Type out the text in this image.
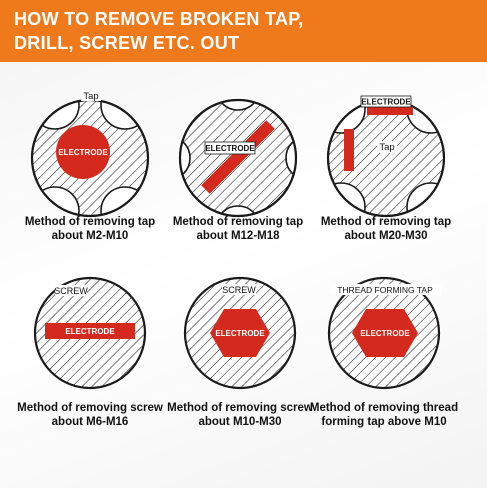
HOW TO REMOVE BROKEN TAP,
DRILL, SCREW ETC. OUT
Tap
ELECTRODE
Method of removing tap
about M2-M10
ELECTRODE
Method of removing tap
about M12-M18
ELECTRODE
Tap
Method of removing tap
about M20-M30
SCREW
ELECTRODE
Method of removing screw
about M6-M16
SCREW
ELECTRODE
Method of removing screw
about M10-M30
THREAD FORMING TAP
ELECTRODE
Method of removing thread
forming tap above M10
